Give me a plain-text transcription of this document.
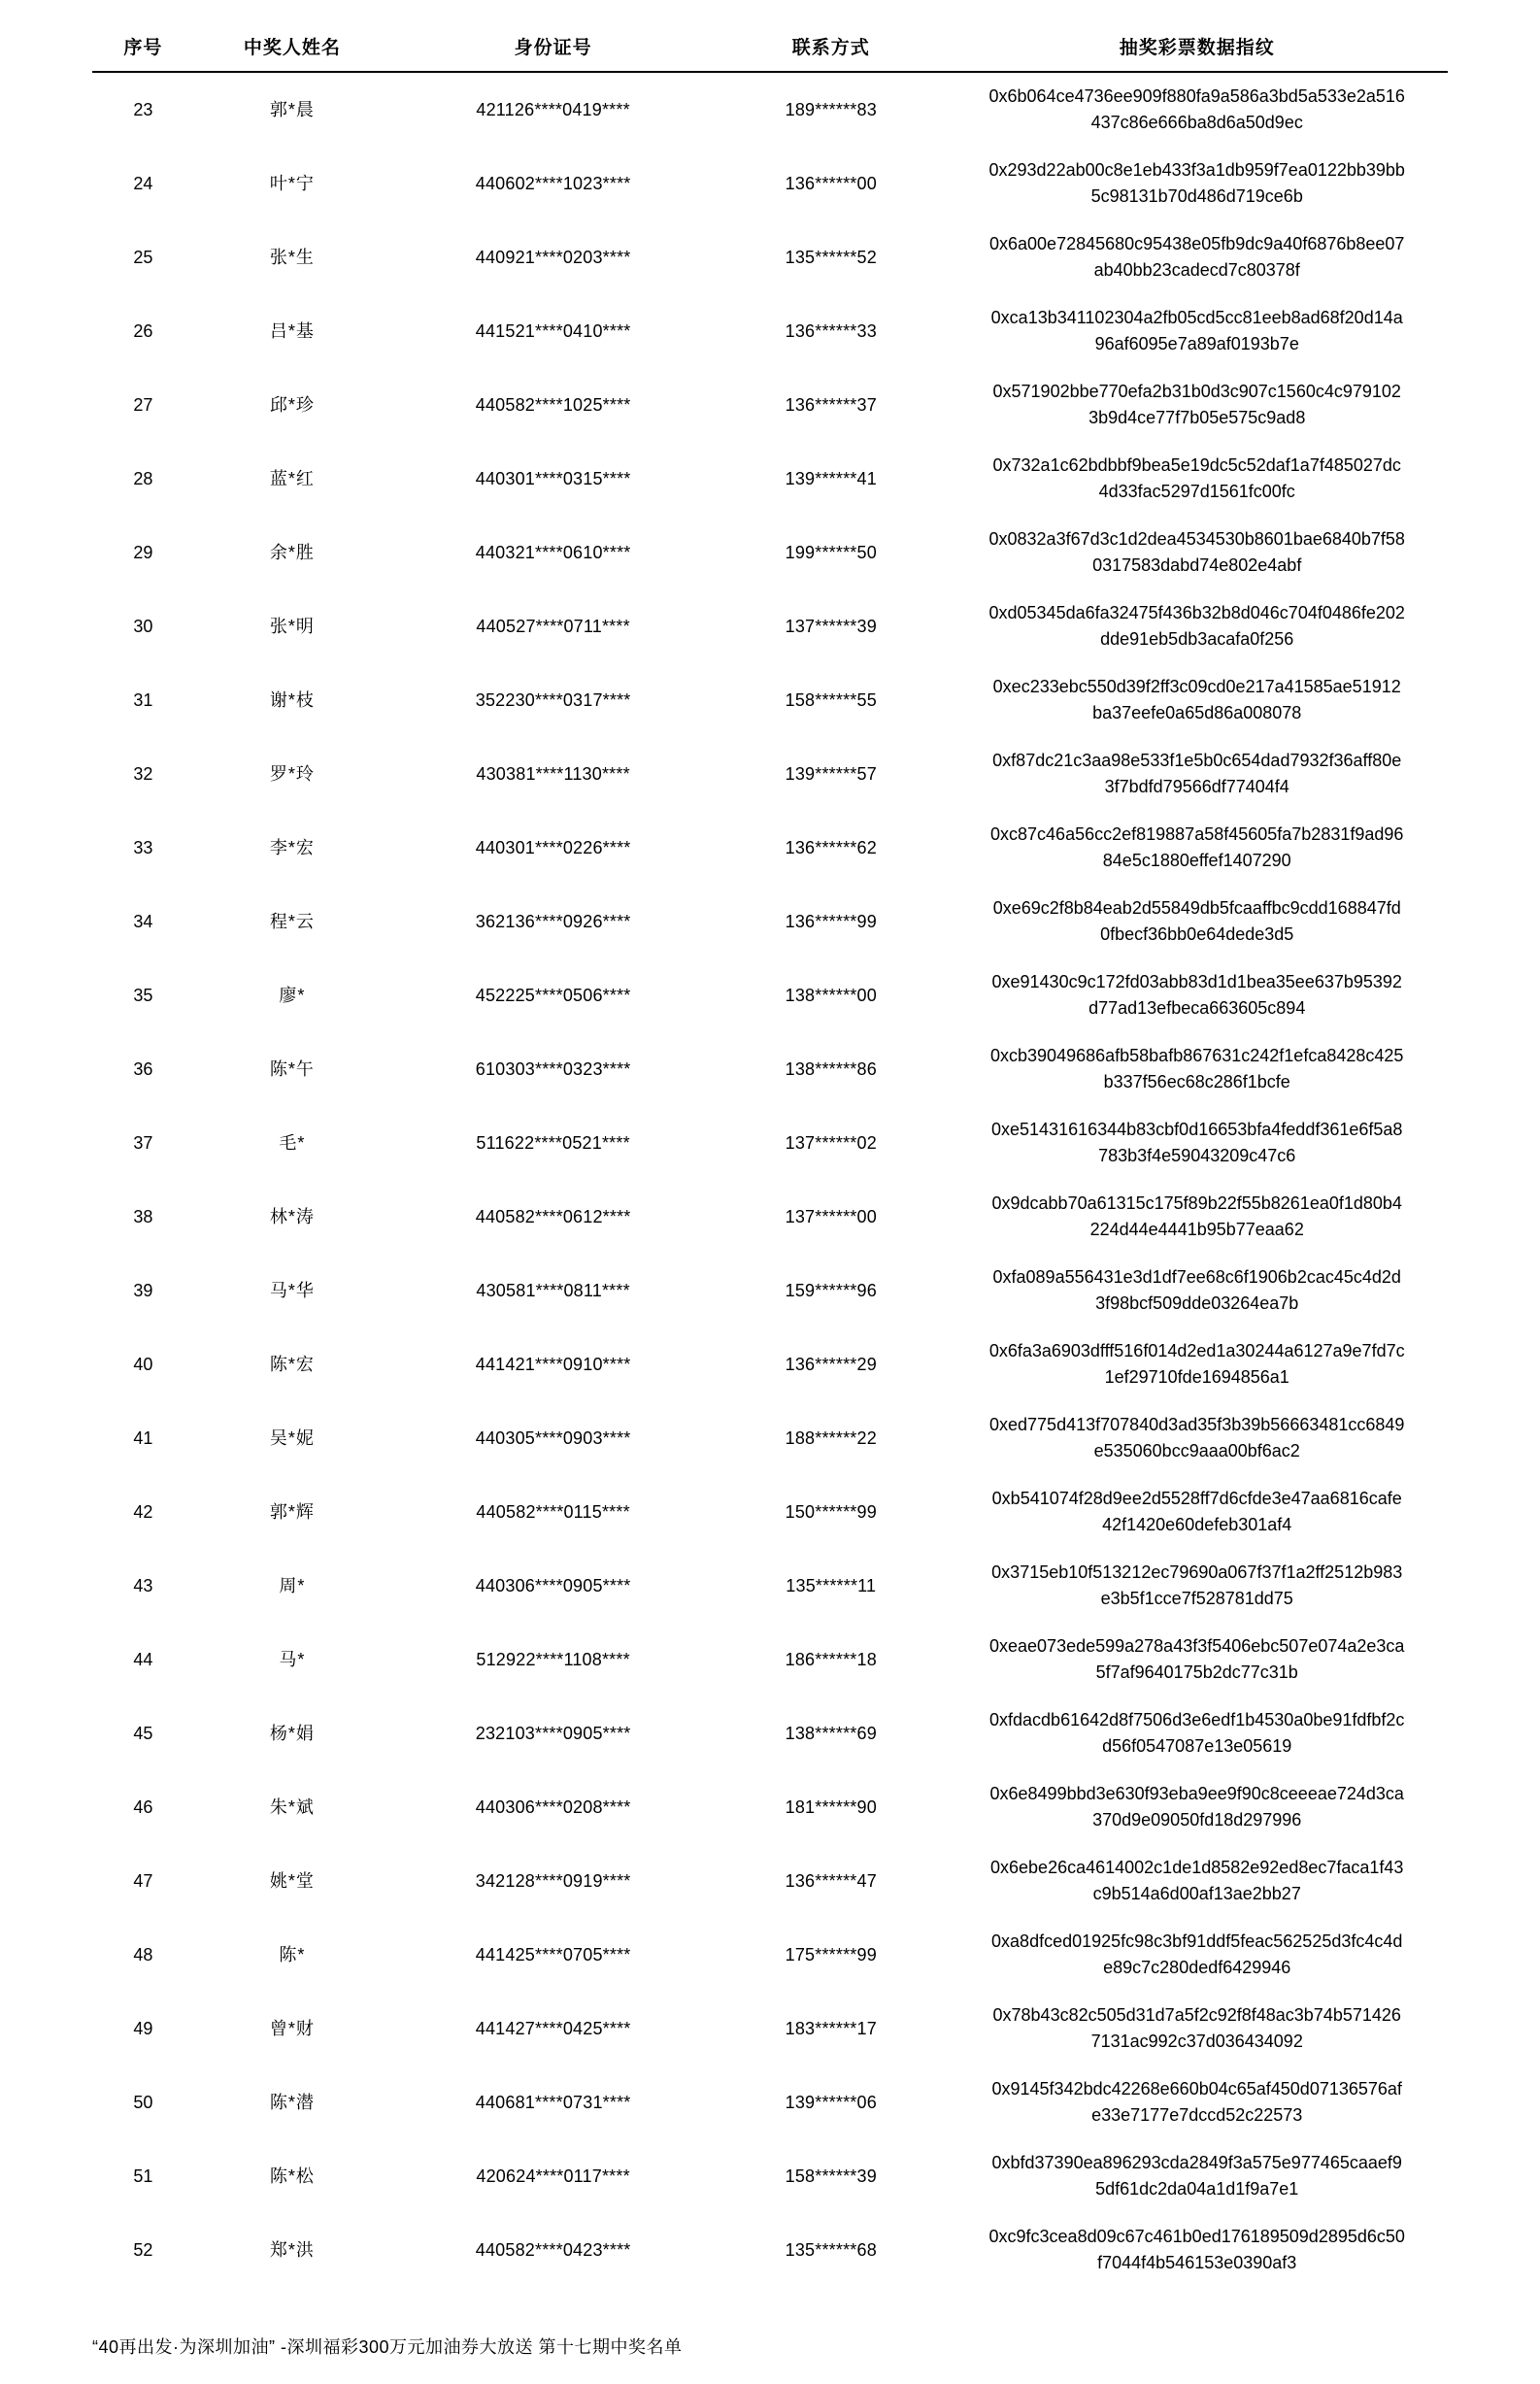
序号	中奖人姓名	身份证号	联系方式	抽奖彩票数据指纹
23	郭*晨	421126****0419****	189******83	0x6b064ce4736ee909f880fa9a586a3bd5a533e2a516437c86e666ba8d6a50d9ec

24	叶*宁	440602****1023****	136******00	0x293d22ab00c8e1eb433f3a1db959f7ea0122bb39bb5c98131b70d486d719ce6b

25	张*生	440921****0203****	135******52	0x6a00e72845680c95438e05fb9dc9a40f6876b8ee07ab40bb23cadecd7c80378f

26	吕*基	441521****0410****	136******33	0xca13b341102304a2fb05cd5cc81eeb8ad68f20d14a96af6095e7a89af0193b7e

27	邱*珍	440582****1025****	136******37	0x571902bbe770efa2b31b0d3c907c1560c4c9791023b9d4ce77f7b05e575c9ad8

28	蓝*红	440301****0315****	139******41	0x732a1c62bdbbf9bea5e19dc5c52daf1a7f485027dc4d33fac5297d1561fc00fc

29	余*胜	440321****0610****	199******50	0x0832a3f67d3c1d2dea4534530b8601bae6840b7f580317583dabd74e802e4abf

30	张*明	440527****0711****	137******39	0xd05345da6fa32475f436b32b8d046c704f0486fe202dde91eb5db3acafa0f256

31	谢*枝	352230****0317****	158******55	0xec233ebc550d39f2ff3c09cd0e217a41585ae51912ba37eefe0a65d86a008078

32	罗*玲	430381****1130****	139******57	0xf87dc21c3aa98e533f1e5b0c654dad7932f36aff80e3f7bdfd79566df77404f4

33	李*宏	440301****0226****	136******62	0xc87c46a56cc2ef819887a58f45605fa7b2831f9ad9684e5c1880effef1407290

34	程*云	362136****0926****	136******99	0xe69c2f8b84eab2d55849db5fcaaffbc9cdd168847fd0fbecf36bb0e64dede3d5

35	廖*	452225****0506****	138******00	0xe91430c9c172fd03abb83d1d1bea35ee637b95392d77ad13efbeca663605c894

36	陈*午	610303****0323****	138******86	0xcb39049686afb58bafb867631c242f1efca8428c425b337f56ec68c286f1bcfe

37	毛*	511622****0521****	137******02	0xe51431616344b83cbf0d16653bfa4feddf361e6f5a8783b3f4e59043209c47c6

38	林*涛	440582****0612****	137******00	0x9dcabb70a61315c175f89b22f55b8261ea0f1d80b4224d44e4441b95b77eaa62

39	马*华	430581****0811****	159******96	0xfa089a556431e3d1df7ee68c6f1906b2cac45c4d2d3f98bcf509dde03264ea7b

40	陈*宏	441421****0910****	136******29	0x6fa3a6903dfff516f014d2ed1a30244a6127a9e7fd7c1ef29710fde1694856a1

41	吴*妮	440305****0903****	188******22	0xed775d413f707840d3ad35f3b39b56663481cc6849e535060bcc9aaa00bf6ac2

42	郭*辉	440582****0115****	150******99	0xb541074f28d9ee2d5528ff7d6cfde3e47aa6816cafe42f1420e60defeb301af4

43	周*	440306****0905****	135******11	0x3715eb10f513212ec79690a067f37f1a2ff2512b983e3b5f1cce7f528781dd75

44	马*	512922****1108****	186******18	0xeae073ede599a278a43f3f5406ebc507e074a2e3ca5f7af9640175b2dc77c31b

45	杨*娟	232103****0905****	138******69	0xfdacdb61642d8f7506d3e6edf1b4530a0be91fdfbf2cd56f0547087e13e05619

46	朱*斌	440306****0208****	181******90	0x6e8499bbd3e630f93eba9ee9f90c8ceeeae724d3ca370d9e09050fd18d297996

47	姚*堂	342128****0919****	136******47	0x6ebe26ca4614002c1de1d8582e92ed8ec7faca1f43c9b514a6d00af13ae2bb27

48	陈*	441425****0705****	175******99	0xa8dfced01925fc98c3bf91ddf5feac562525d3fc4c4de89c7c280dedf6429946

49	曾*财	441427****0425****	183******17	0x78b43c82c505d31d7a5f2c92f8f48ac3b74b5714267131ac992c37d036434092

50	陈*潜	440681****0731****	139******06	0x9145f342bdc42268e660b04c65af450d07136576afe33e7177e7dccd52c22573

51	陈*松	420624****0117****	158******39	0xbfd37390ea896293cda2849f3a575e977465caaef95df61dc2da04a1d1f9a7e1

52	郑*洪	440582****0423****	135******68	0xc9fc3cea8d09c67c461b0ed176189509d2895d6c50f7044f4b546153e0390af3
“40再出发·为深圳加油” -深圳福彩300万元加油券大放送 第十七期中奖名单
